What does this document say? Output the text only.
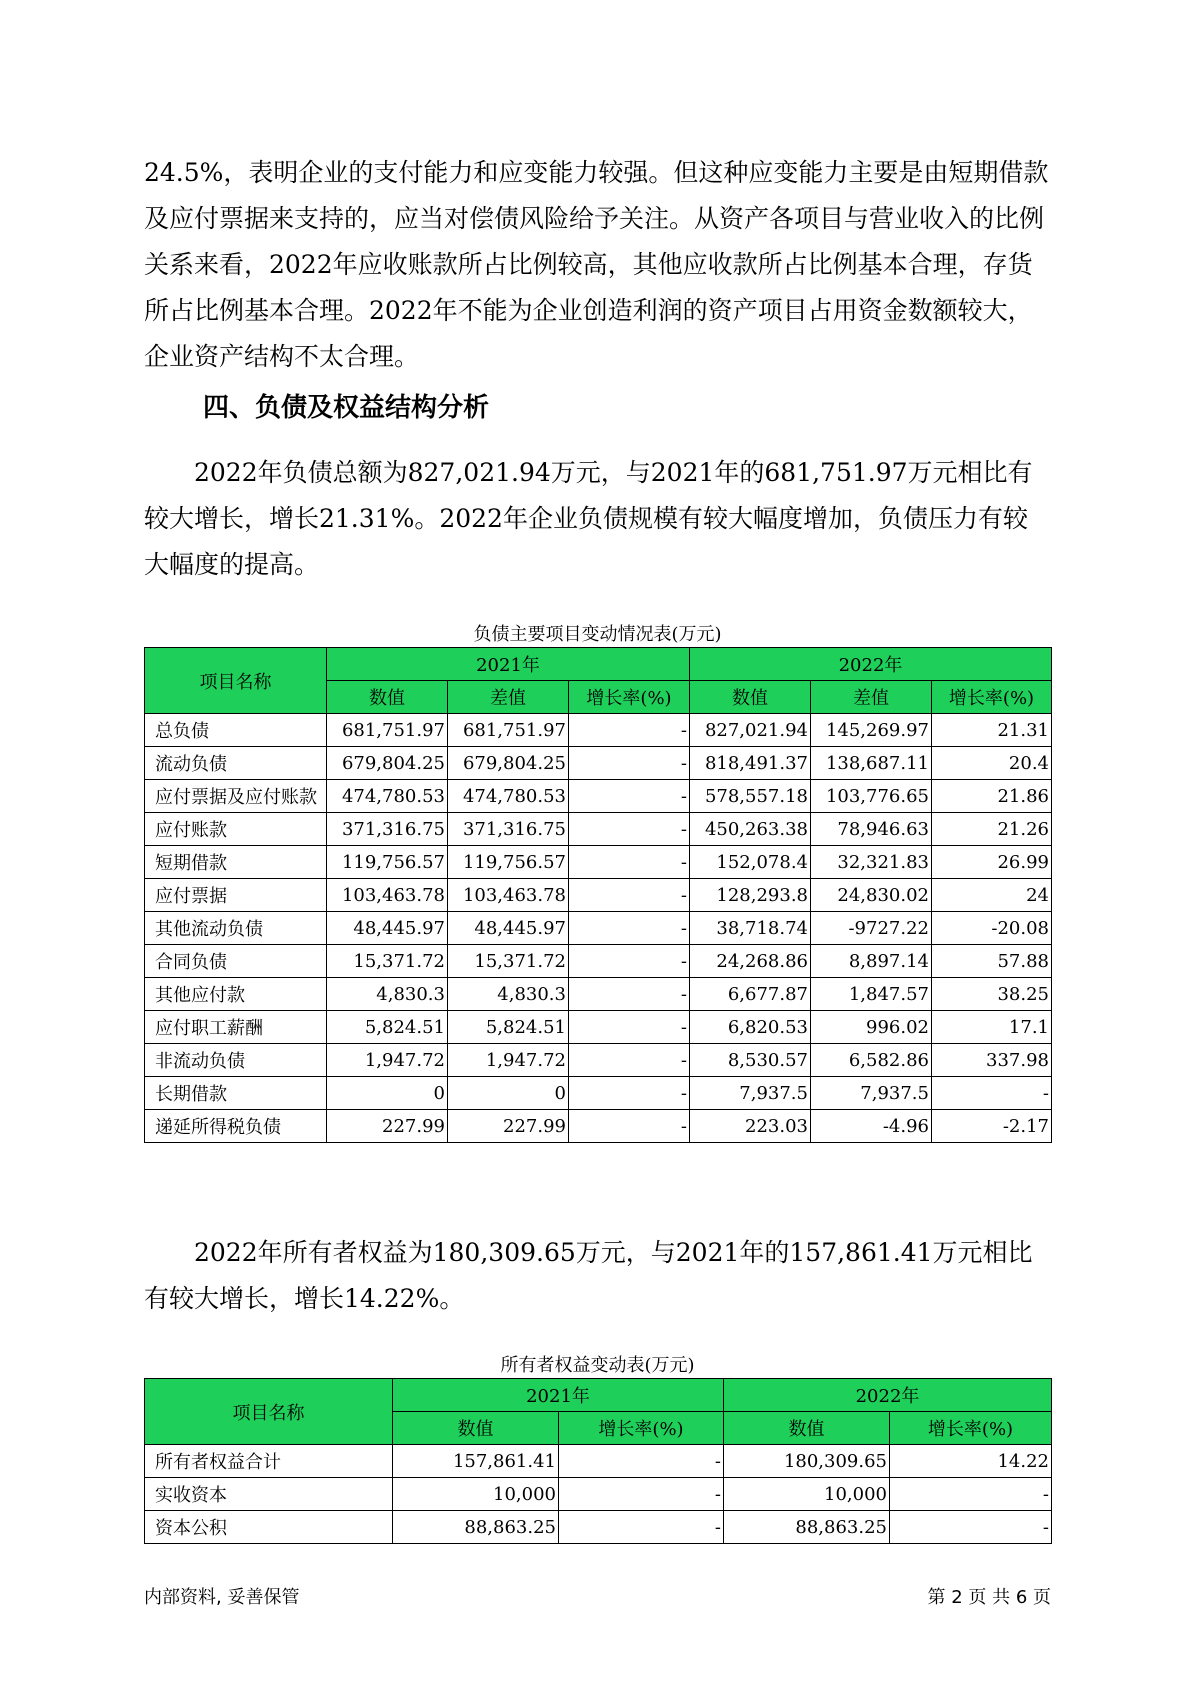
24.5%，表明企业的支付能力和应变能力较强。但这种应变能力主要是由短期借款及应付票据来支持的，应当对偿债风险给予关注。从资产各项目与营业收入的比例关系来看，2022年应收账款所占比例较高，其他应收款所占比例基本合理，存货所占比例基本合理。2022年不能为企业创造利润的资产项目占用资金数额较大，企业资产结构不太合理。

四、负债及权益结构分析

2022年负债总额为827,021.94万元，与2021年的681,751.97万元相比有较大增长，增长21.31%。2022年企业负债规模有较大幅度增加，负债压力有较大幅度的提高。

负债主要项目变动情况表(万元)
项目名称	2021年			2022年		
	数值	差值	增长率(%)	数值	差值	增长率(%)
总负债	681,751.97	681,751.97	-	827,021.94	145,269.97	21.31
流动负债	679,804.25	679,804.25	-	818,491.37	138,687.11	20.4
应付票据及应付账款	474,780.53	474,780.53	-	578,557.18	103,776.65	21.86
应付账款	371,316.75	371,316.75	-	450,263.38	78,946.63	21.26
短期借款	119,756.57	119,756.57	-	152,078.4	32,321.83	26.99
应付票据	103,463.78	103,463.78	-	128,293.8	24,830.02	24
其他流动负债	48,445.97	48,445.97	-	38,718.74	-9727.22	-20.08
合同负债	15,371.72	15,371.72	-	24,268.86	8,897.14	57.88
其他应付款	4,830.3	4,830.3	-	6,677.87	1,847.57	38.25
应付职工薪酬	5,824.51	5,824.51	-	6,820.53	996.02	17.1
非流动负债	1,947.72	1,947.72	-	8,530.57	6,582.86	337.98
长期借款	0	0	-	7,937.5	7,937.5	-
递延所得税负债	227.99	227.99	-	223.03	-4.96	-2.17

2022年所有者权益为180,309.65万元，与2021年的157,861.41万元相比有较大增长，增长14.22%。

所有者权益变动表(万元)
项目名称	2021年		2022年	
	数值	增长率(%)	数值	增长率(%)
所有者权益合计	157,861.41	-	180,309.65	14.22
实收资本	10,000	-	10,000	-
资本公积	88,863.25	-	88,863.25	-
内部资料, 妥善保管	第 2 页 共 6 页
